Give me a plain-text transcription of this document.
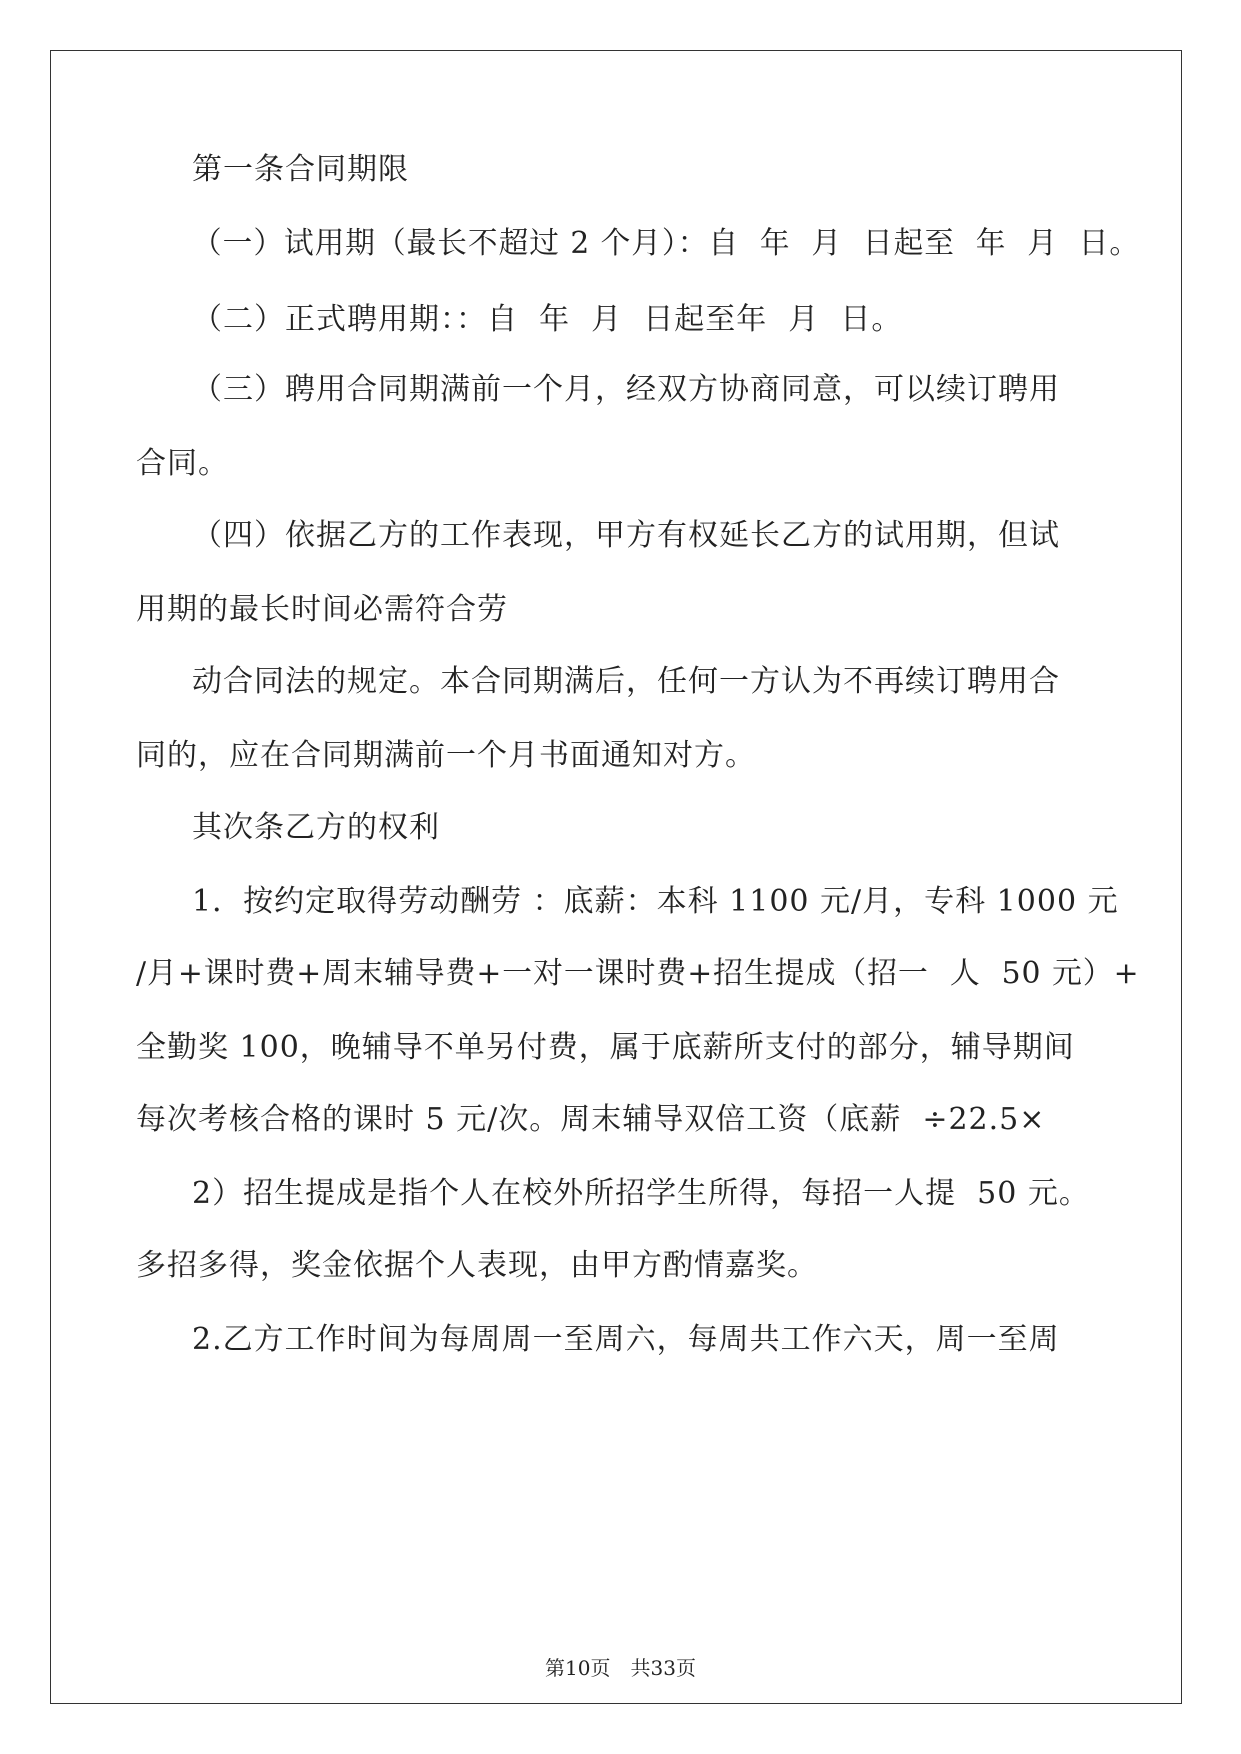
第一条合同期限
（一）试用期（最长不超过 2 个月）：自  年  月  日起至  年  月  日。
（二）正式聘用期：：自  年  月  日起至年  月  日。
（三）聘用合同期满前一个月，经双方协商同意，可以续订聘用
合同。
（四）依据乙方的工作表现，甲方有权延长乙方的试用期，但试
用期的最长时间必需符合劳
动合同法的规定。本合同期满后，任何一方认为不再续订聘用合
同的，应在合同期满前一个月书面通知对方。
其次条乙方的权利
1．按约定取得劳动酬劳 ：底薪：本科 1100 元/月，专科 1000 元
/月+课时费+周末辅导费+一对一课时费+招生提成（招一  人  50 元）+
全勤奖 100，晚辅导不单另付费，属于底薪所支付的部分，辅导期间
每次考核合格的课时 5 元/次。周末辅导双倍工资（底薪  ÷22.5×
2）招生提成是指个人在校外所招学生所得，每招一人提  50 元。
多招多得，奖金依据个人表现，由甲方酌情嘉奖。
2.乙方工作时间为每周周一至周六，每周共工作六天，周一至周
第10页　共33页
